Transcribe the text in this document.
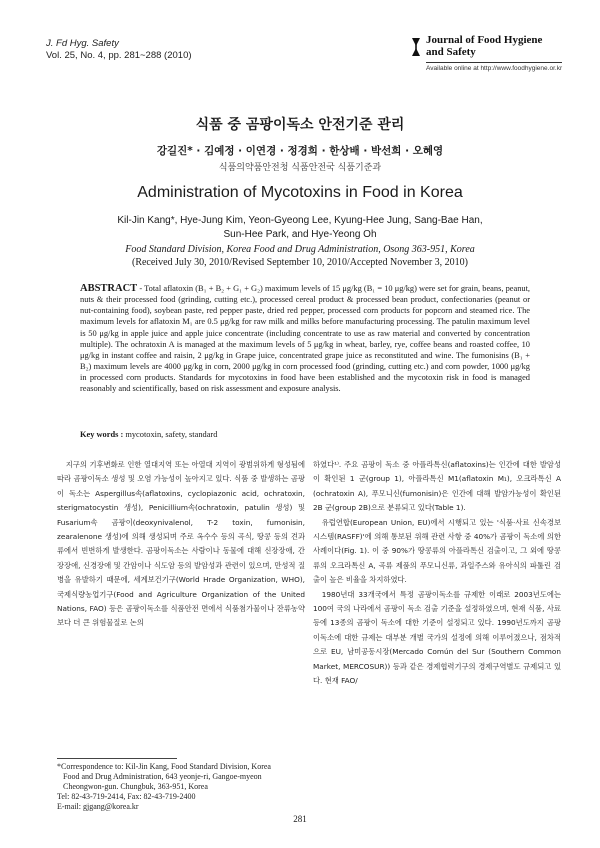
J. Fd Hyg. Safety
Vol. 25, No. 4, pp. 281~288 (2010)
Journal of Food Hygiene
and Safety
Available online at http://www.foodhygiene.or.kr
식품 중 곰팡이독소 안전기준 관리
강길진* · 김예정 · 이연경 · 정경희 · 한상배 · 박선희 · 오혜영
식품의약품안전청 식품안전국 식품기준과
Administration of Mycotoxins in Food in Korea
Kil-Jin Kang*, Hye-Jung Kim, Yeon-Gyeong Lee, Kyung-Hee Jung, Sang-Bae Han,
Sun-Hee Park, and Hye-Yeong Oh
Food Standard Division, Korea Food and Drug Administration, Osong 363-951, Korea
(Received July 30, 2010/Revised September 10, 2010/Accepted November 3, 2010)
ABSTRACT - Total aflatoxin (B₁ + B₂ + G₁ + G₂) maximum levels of 15 μg/kg (B₁ = 10 μg/kg) were set for grain, beans, peanut, nuts & their processed food (grinding, cutting etc.), processed cereal product & processed bean product, confectionaries (peanut or nut-containing food), soybean paste, red pepper paste, dried red pepper, processed corn products for popcorn and steamed rice. The maximum levels for aflatoxin M₁ are 0.5 μg/kg for raw milk and milks before manufacturing processing. The patulin maximum level is 50 μg/kg in apple juice and apple juice concentrate (including concentrate to use as raw material and converted by concentration multiple). The ochratoxin A is managed at the maximum levels of 5 μg/kg in wheat, barley, rye, coffee beans and roasted coffee, 10 μg/kg in instant coffee and raisin, 2 μg/kg in Grape juice, concentrated grape juice as reconstituted and wine. The fumonisins (B₁ + B₂) maximum levels are 4000 μg/kg in corn, 2000 μg/kg in corn processed food (grinding, cutting etc.) and corn powder, 1000 μg/kg in processed corn products. Standards for mycotoxins in food have been established and the mycotoxin risk in food is managed reasonably and scientifically, based on risk assessment and exposure analysis.
Key words : mycotoxin, safety, standard

지구의 기후변화로 인한 열대지역 또는 아열대 지역이 광범위하게 형성됨에 따라 곰팡이독소 생성 및 오염 가능성이 높아지고 있다. 식품 중 발생하는 곰팡이 독소는 Aspergillus속(aflatoxins, cyclopiazonic acid, ochratoxin, sterigmatocystin 생성), Penicillium속(ochratoxin, patulin 생성) 및 Fusarium속 곰팡이(deoxynivalenol, T-2 toxin, fumonisin, zearalenone 생성)에 의해 생성되며 주로 옥수수 등의 곡식, 땅콩 등의 견과류에서 빈번하게 발생한다. 곰팡이독소는 사람이나 동물에 대해 신장장애, 간장장애, 신경장애 및 간암이나 식도암 등의 발암성과 관련이 있으며, 만성적 질병을 유발하기 때문에, 세계보건기구(World Hrade Organization, WHO), 국제식량농업기구(Food and Agriculture Organization of the United Nations, FAO) 등은 곰팡이독소를 식품안전 면에서 식품첨가물이나 잔류농약보다 더 큰 위험물질로 논의

하였다¹⁾. 주요 곰팡이 독소 중 아플라톡신(aflatoxins)는 인간에 대한 발암성이 확인된 1 군(group 1), 아플라톡신 M1(aflatoxin M₁), 오크라톡신 A (ochratoxin A), 푸모니신(fumonisin)은 인간에 대해 발암가능성이 확인된 2B 군(group 2B)으로 분류되고 있다(Table 1).

유럽연합(European Union, EU)에서 시행되고 있는 '식품·사료 신속경보시스템(RASFF)'에 의해 통보된 위해 관련 사항 중 40%가 곰팡이 독소에 의한 사례이다(Fig. 1). 이 중 90%가 땅콩류의 아플라톡신 검출이고, 그 외에 땅콩류의 오크라톡신 A, 곡류 제품의 푸모니신류, 과일주스와 유아식의 파툴린 검출이 높은 비율을 차지하였다.

1980년대 33개국에서 특정 곰팡이독소를 규제한 이래로 2003년도에는 100여 국의 나라에서 곰팡이 독소 검출 기준을 설정하였으며, 현재 식품, 사료 등에 13종의 곰팡이 독소에 대한 기준이 설정되고 있다. 1990년도까지 곰팡이독소에 대한 규제는 대부분 개별 국가의 설정에 의해 이루어졌으나, 점차적으로 EU, 남미공동시장(Mercado Común del Sur (Southern Common Market, MERCOSUR)) 등과 같은 경제협력기구의 경제구역별도 규제되고 있다. 현재 FAO/

*Correspondence to: Kil-Jin Kang, Food Standard Division, Korea
Food and Drug Administration, 643 yeonje-ri, Gangoe-myeon
Cheongwon-gun. Chungbuk, 363-951, Korea
Tel: 82-43-719-2414, Fax: 82-43-719-2400
E-mail: gjgang@korea.kr
281
